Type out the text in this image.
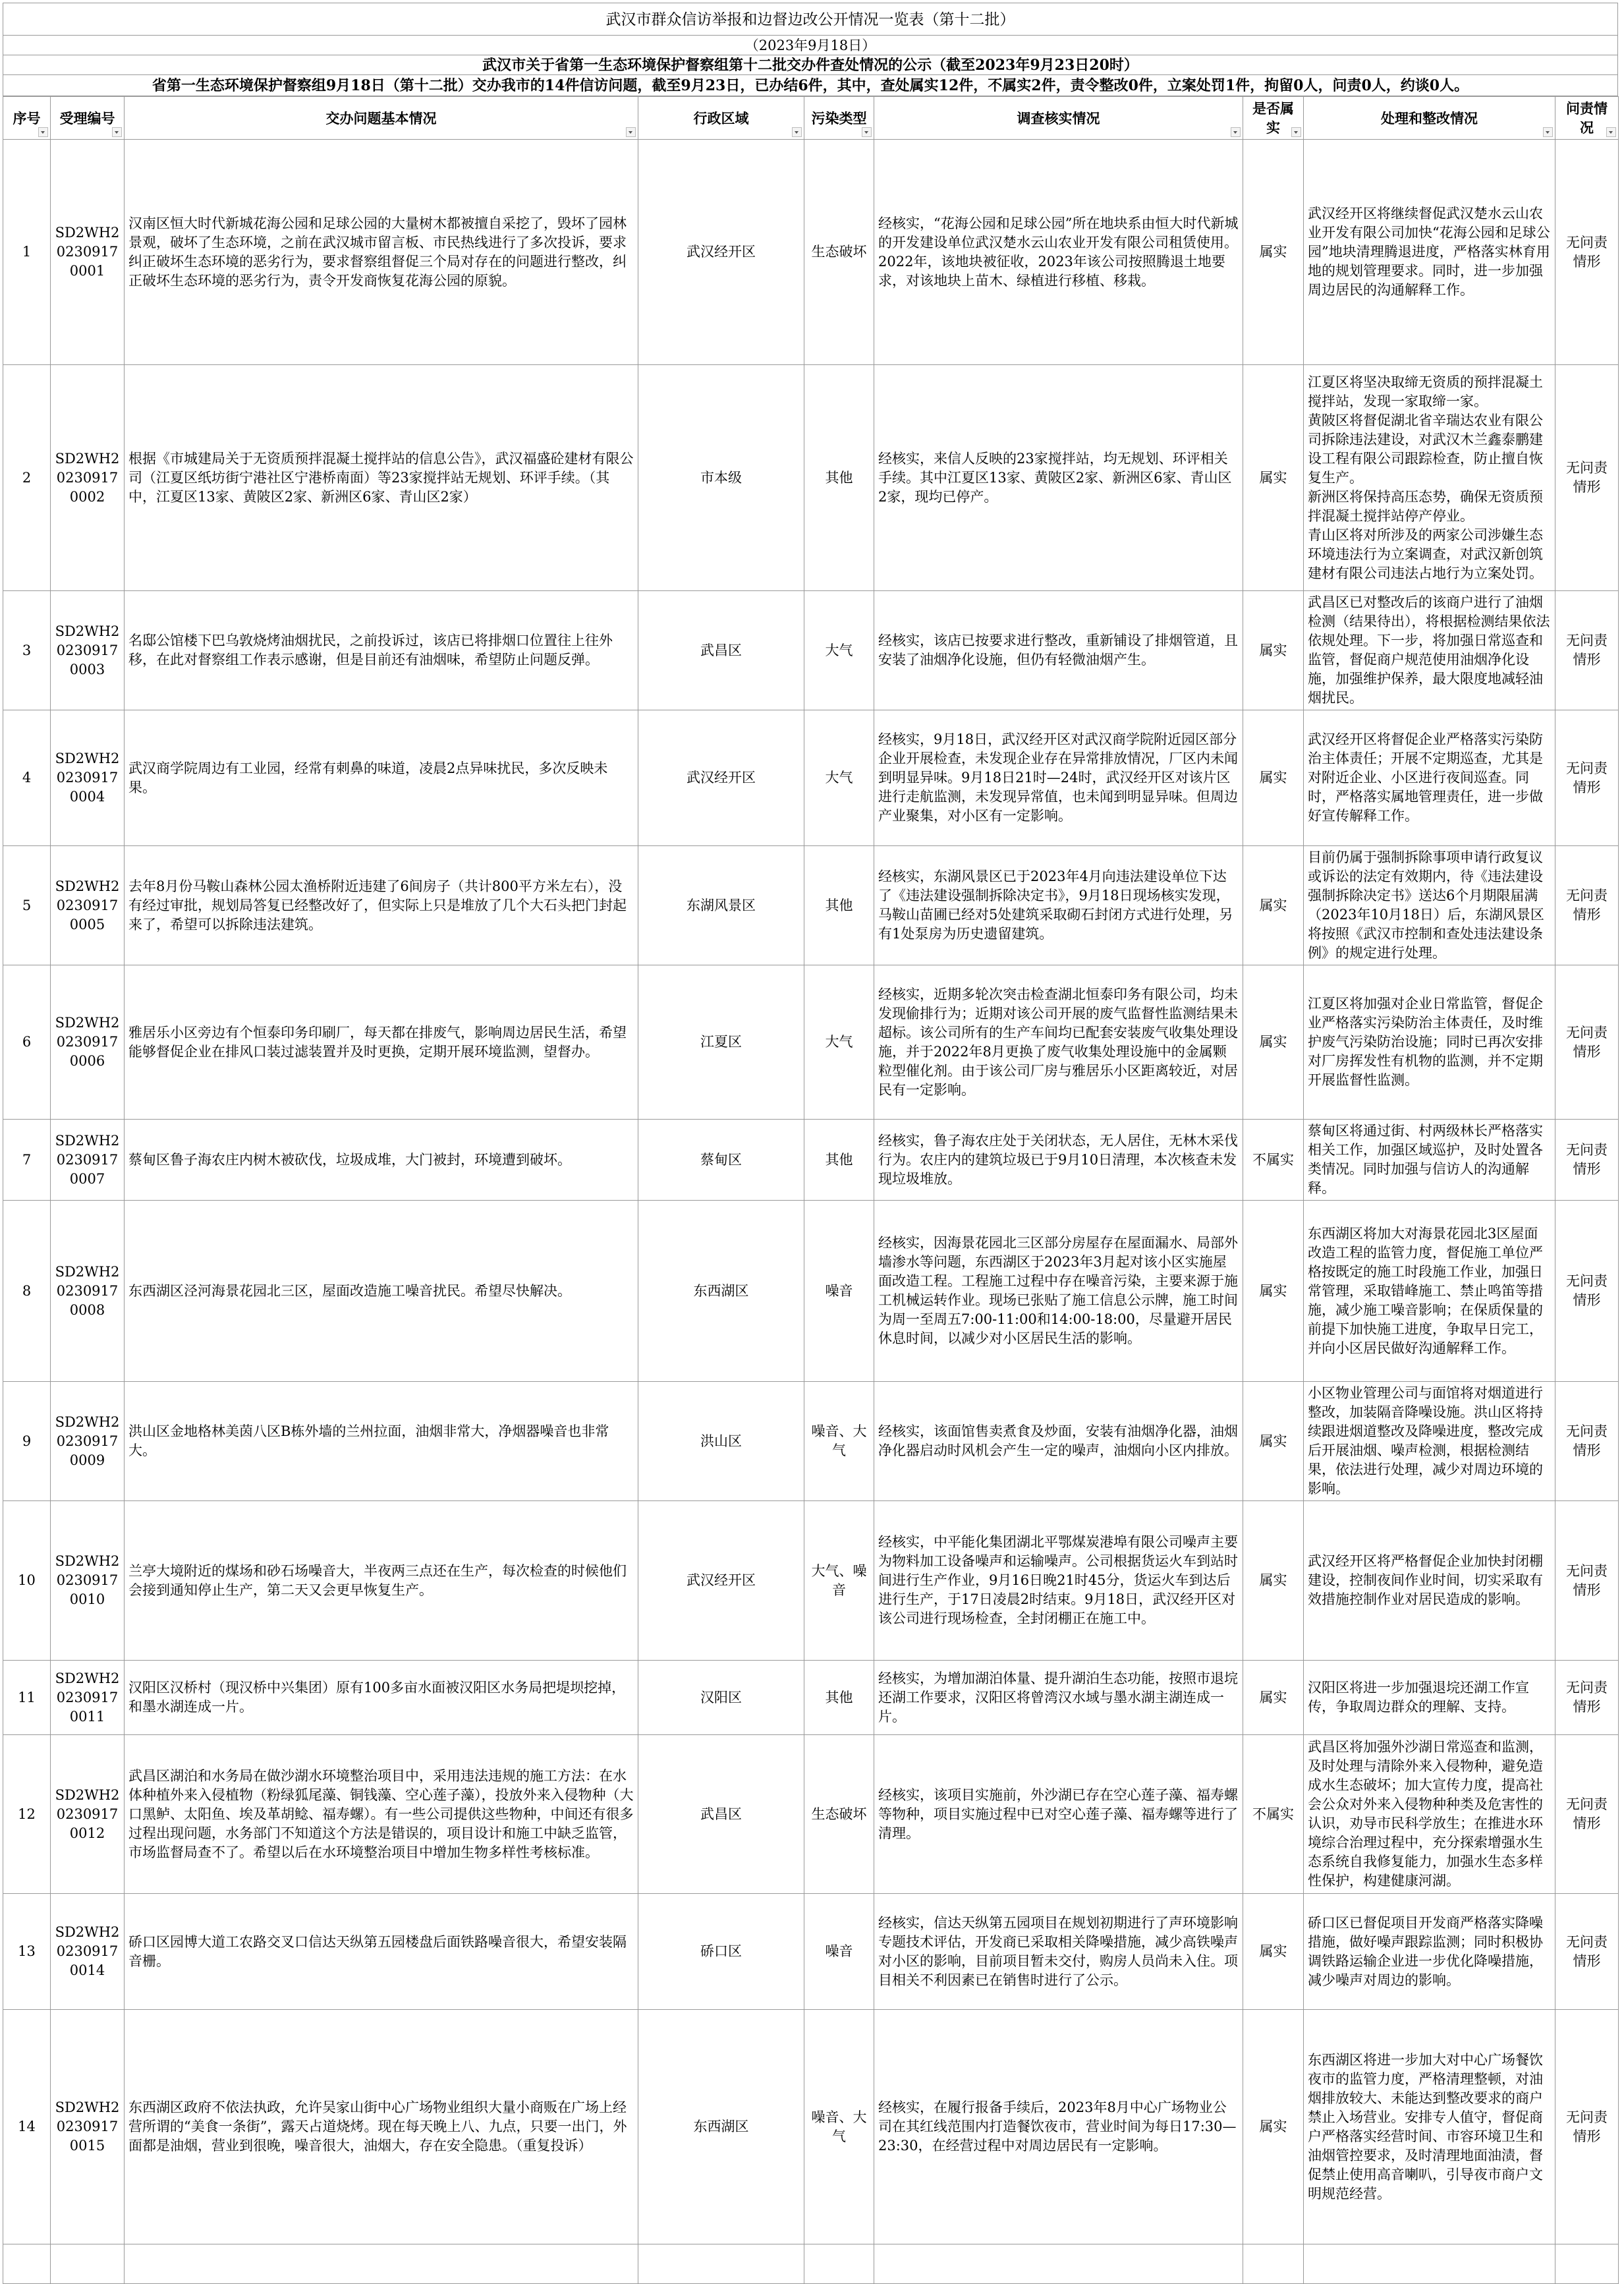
武汉市群众信访举报和边督边改公开情况一览表（第十二批）
（2023年9月18日）
武汉市关于省第一生态环境保护督察组第十二批交办件查处情况的公示（截至2023年9月23日20时）
省第一生态环境保护督察组9月18日（第十二批）交办我市的14件信访问题，截至9月23日，已办结6件，其中，查处属实12件，不属实2件，责令整改0件，立案处罚1件，拘留0人，问责0人，约谈0人。
序号	受理编号	交办问题基本情况	行政区域	污染类型	调查核实情况	是否属实	处理和整改情况	问责情况

1	SD2WH202309170001	汉南区恒大时代新城花海公园和足球公园的大量树木都被擅自采挖了，毁坏了园林景观，破坏了生态环境，之前在武汉城市留言板、市民热线进行了多次投诉，要求纠正破坏生态环境的恶劣行为，要求督察组督促三个局对存在的问题进行整改，纠正破坏生态环境的恶劣行为，责令开发商恢复花海公园的原貌。	武汉经开区	生态破坏	经核实，“花海公园和足球公园”所在地块系由恒大时代新城的开发建设单位武汉楚水云山农业开发有限公司租赁使用。2022年，该地块被征收，2023年该公司按照腾退土地要求，对该地块上苗木、绿植进行移植、移栽。	属实	武汉经开区将继续督促武汉楚水云山农业开发有限公司加快“花海公园和足球公园”地块清理腾退进度，严格落实林育用地的规划管理要求。同时，进一步加强周边居民的沟通解释工作。	无问责情形
2	SD2WH202309170002	根据《市城建局关于无资质预拌混凝土搅拌站的信息公告》，武汉福盛砼建材有限公司（江夏区纸坊街宁港社区宁港桥南面）等23家搅拌站无规划、环评手续。（其中，江夏区13家、黄陂区2家、新洲区6家、青山区2家）	市本级	其他	经核实，来信人反映的23家搅拌站，均无规划、环评相关手续。其中江夏区13家、黄陂区2家、新洲区6家、青山区2家，现均已停产。	属实	江夏区将坚决取缔无资质的预拌混凝土搅拌站，发现一家取缔一家。
黄陂区将督促湖北省辛瑞达农业有限公司拆除违法建设，对武汉木兰鑫泰鹏建设工程有限公司跟踪检查，防止擅自恢复生产。
新洲区将保持高压态势，确保无资质预拌混凝土搅拌站停产停业。
青山区将对所涉及的两家公司涉嫌生态环境违法行为立案调查，对武汉新创筑建材有限公司违法占地行为立案处罚。	无问责情形
3	SD2WH202309170003	名邸公馆楼下巴乌敦烧烤油烟扰民，之前投诉过，该店已将排烟口位置往上往外移，在此对督察组工作表示感谢，但是目前还有油烟味，希望防止问题反弹。	武昌区	大气	经核实，该店已按要求进行整改，重新铺设了排烟管道，且安装了油烟净化设施，但仍有轻微油烟产生。	属实	武昌区已对整改后的该商户进行了油烟检测（结果待出），将根据检测结果依法依规处理。下一步，将加强日常巡查和监管，督促商户规范使用油烟净化设施，加强维护保养，最大限度地减轻油烟扰民。	无问责情形
4	SD2WH202309170004	武汉商学院周边有工业园，经常有刺鼻的味道，凌晨2点异味扰民，多次反映未果。	武汉经开区	大气	经核实，9月18日，武汉经开区对武汉商学院附近园区部分企业开展检查，未发现企业存在异常排放情况，厂区内未闻到明显异味。9月18日21时—24时，武汉经开区对该片区进行走航监测，未发现异常值，也未闻到明显异味。但周边产业聚集，对小区有一定影响。	属实	武汉经开区将督促企业严格落实污染防治主体责任；开展不定期巡查，尤其是对附近企业、小区进行夜间巡查。同时，严格落实属地管理责任，进一步做好宣传解释工作。	无问责情形
5	SD2WH202309170005	去年8月份马鞍山森林公园太渔桥附近违建了6间房子（共计800平方米左右），没有经过审批，规划局答复已经整改好了，但实际上只是堆放了几个大石头把门封起来了，希望可以拆除违法建筑。	东湖风景区	其他	经核实，东湖风景区已于2023年4月向违法建设单位下达了《违法建设强制拆除决定书》，9月18日现场核实发现，马鞍山苗圃已经对5处建筑采取砌石封闭方式进行处理，另有1处泵房为历史遗留建筑。	属实	目前仍属于强制拆除事项申请行政复议或诉讼的法定有效期内，待《违法建设强制拆除决定书》送达6个月期限届满（2023年10月18日）后，东湖风景区将按照《武汉市控制和查处违法建设条例》的规定进行处理。	无问责情形
6	SD2WH202309170006	雅居乐小区旁边有个恒泰印务印刷厂，每天都在排废气，影响周边居民生活，希望能够督促企业在排风口装过滤装置并及时更换，定期开展环境监测，望督办。	江夏区	大气	经核实，近期多轮次突击检查湖北恒泰印务有限公司，均未发现偷排行为；近期对该公司开展的废气监督性监测结果未超标。该公司所有的生产车间均已配套安装废气收集处理设施，并于2022年8月更换了废气收集处理设施中的金属颗粒型催化剂。由于该公司厂房与雅居乐小区距离较近，对居民有一定影响。	属实	江夏区将加强对企业日常监管，督促企业严格落实污染防治主体责任，及时维护废气污染防治设施；同时已再次安排对厂房挥发性有机物的监测，并不定期开展监督性监测。	无问责情形
7	SD2WH202309170007	蔡甸区鲁子海农庄内树木被砍伐，垃圾成堆，大门被封，环境遭到破坏。	蔡甸区	其他	经核实，鲁子海农庄处于关闭状态，无人居住，无林木采伐行为。农庄内的建筑垃圾已于9月10日清理，本次核查未发现垃圾堆放。	不属实	蔡甸区将通过街、村两级林长严格落实相关工作，加强区域巡护，及时处置各类情况。同时加强与信访人的沟通解释。	无问责情形
8	SD2WH202309170008	东西湖区泾河海景花园北三区，屋面改造施工噪音扰民。希望尽快解决。	东西湖区	噪音	经核实，因海景花园北三区部分房屋存在屋面漏水、局部外墙渗水等问题，东西湖区于2023年3月起对该小区实施屋面改造工程。工程施工过程中存在噪音污染，主要来源于施工机械运转作业。现场已张贴了施工信息公示牌，施工时间为周一至周五7:00-11:00和14:00-18:00，尽量避开居民休息时间，以减少对小区居民生活的影响。	属实	东西湖区将加大对海景花园北3区屋面改造工程的监管力度，督促施工单位严格按既定的施工时段施工作业，加强日常管理，采取错峰施工、禁止鸣笛等措施，减少施工噪音影响；在保质保量的前提下加快施工进度，争取早日完工，并向小区居民做好沟通解释工作。	无问责情形
9	SD2WH202309170009	洪山区金地格林美茵八区B栋外墙的兰州拉面，油烟非常大，净烟器噪音也非常大。	洪山区	噪音、大气	经核实，该面馆售卖煮食及炒面，安装有油烟净化器，油烟净化器启动时风机会产生一定的噪声，油烟向小区内排放。	属实	小区物业管理公司与面馆将对烟道进行整改，加装隔音降噪设施。洪山区将持续跟进烟道整改及降噪进度，整改完成后开展油烟、噪声检测，根据检测结果，依法进行处理，减少对周边环境的影响。	无问责情形
10	SD2WH202309170010	兰亭大境附近的煤场和砂石场噪音大，半夜两三点还在生产，每次检查的时候他们会接到通知停止生产，第二天又会更早恢复生产。	武汉经开区	大气、噪音	经核实，中平能化集团湖北平鄂煤炭港埠有限公司噪声主要为物料加工设备噪声和运输噪声。公司根据货运火车到站时间进行生产作业，9月16日晚21时45分，货运火车到达后进行生产，于17日凌晨2时结束。9月18日，武汉经开区对该公司进行现场检查，全封闭棚正在施工中。	属实	武汉经开区将严格督促企业加快封闭棚建设，控制夜间作业时间，切实采取有效措施控制作业对居民造成的影响。	无问责情形
11	SD2WH202309170011	汉阳区汉桥村（现汉桥中兴集团）原有100多亩水面被汉阳区水务局把堤坝挖掉，和墨水湖连成一片。	汉阳区	其他	经核实，为增加湖泊体量、提升湖泊生态功能，按照市退垸还湖工作要求，汉阳区将曾湾汉水域与墨水湖主湖连成一片。	属实	汉阳区将进一步加强退垸还湖工作宣传，争取周边群众的理解、支持。	无问责情形
12	SD2WH202309170012	武昌区湖泊和水务局在做沙湖水环境整治项目中，采用违法违规的施工方法：在水体种植外来入侵植物（粉绿狐尾藻、铜钱藻、空心莲子藻），投放外来入侵物种（大口黑鲈、太阳鱼、埃及革胡鲶、福寿螺）。有一些公司提供这些物种，中间还有很多过程出现问题，水务部门不知道这个方法是错误的，项目设计和施工中缺乏监管，市场监督局查不了。希望以后在水环境整治项目中增加生物多样性考核标准。	武昌区	生态破坏	经核实，该项目实施前，外沙湖已存在空心莲子藻、福寿螺等物种，项目实施过程中已对空心莲子藻、福寿螺等进行了清理。	不属实	武昌区将加强外沙湖日常巡查和监测，及时处理与清除外来入侵物种，避免造成水生态破坏；加大宣传力度，提高社会公众对外来入侵物种种类及危害性的认识，劝导市民科学放生；在推进水环境综合治理过程中，充分探索增强水生态系统自我修复能力，加强水生态多样性保护，构建健康河湖。	无问责情形
13	SD2WH202309170014	硚口区园博大道工农路交叉口信达天纵第五园楼盘后面铁路噪音很大，希望安装隔音栅。	硚口区	噪音	经核实，信达天纵第五园项目在规划初期进行了声环境影响专题技术评估，开发商已采取相关降噪措施，减少高铁噪声对小区的影响，目前项目暂未交付，购房人员尚未入住。项目相关不利因素已在销售时进行了公示。	属实	硚口区已督促项目开发商严格落实降噪措施，做好噪声跟踪监测；同时积极协调铁路运输企业进一步优化降噪措施，减少噪声对周边的影响。	无问责情形
14	SD2WH202309170015	东西湖区政府不依法执政，允许吴家山街中心广场物业组织大量小商贩在广场上经营所谓的“美食一条街”，露天占道烧烤。现在每天晚上八、九点，只要一出门，外面都是油烟，营业到很晚，噪音很大，油烟大，存在安全隐患。（重复投诉）	东西湖区	噪音、大气	经核实，在履行报备手续后，2023年8月中心广场物业公司在其红线范围内打造餐饮夜市，营业时间为每日17:30—23:30，在经营过程中对周边居民有一定影响。	属实	东西湖区将进一步加大对中心广场餐饮夜市的监管力度，严格清理整顿，对油烟排放较大、未能达到整改要求的商户禁止入场营业。安排专人值守，督促商户严格落实经营时间、市容环境卫生和油烟管控要求，及时清理地面油渍，督促禁止使用高音喇叭，引导夜市商户文明规范经营。	无问责情形
